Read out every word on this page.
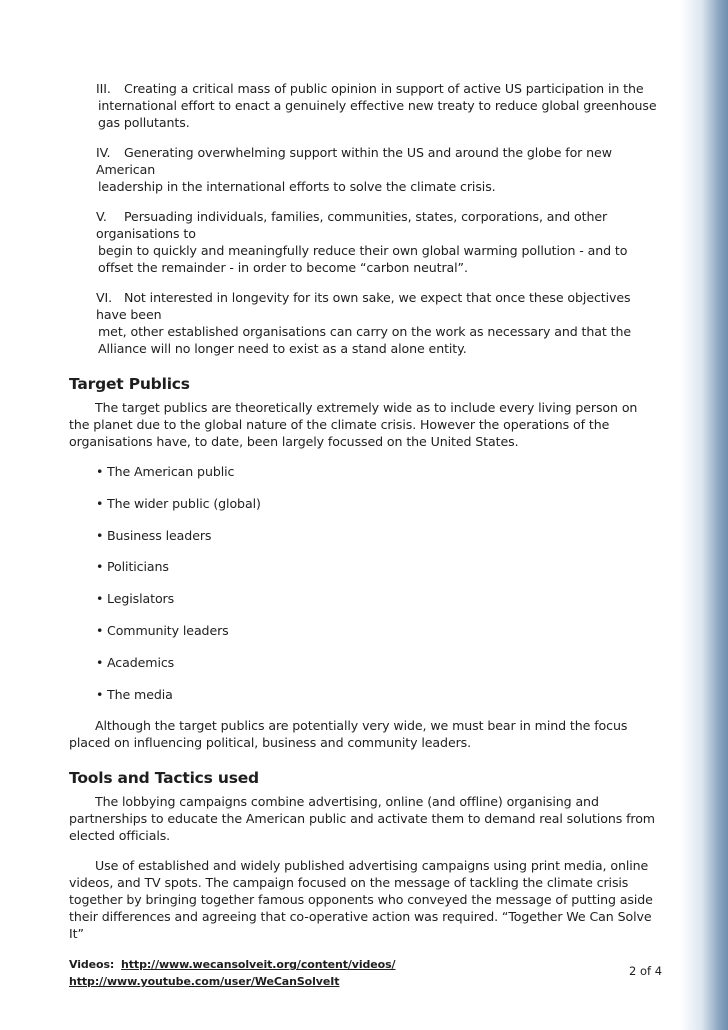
III. Creating a critical mass of public opinion in support of active US participation in the
international effort to enact a genuinely effective new treaty to reduce global greenhouse gas pollutants.
IV. Generating overwhelming support within the US and around the globe for new American
leadership in the international efforts to solve the climate crisis.
V. Persuading individuals, families, communities, states, corporations, and other organisations to
begin to quickly and meaningfully reduce their own global warming pollution - and to offset the remainder - in order to become “carbon neutral”.
VI. Not interested in longevity for its own sake, we expect that once these objectives have been
met, other established organisations can carry on the work as necessary and that the Alliance will no longer need to exist as a stand alone entity.
Target Publics

The target publics are theoretically extremely wide as to include every living person on the planet due to the global nature of the climate crisis. However the operations of the organisations have, to date, been largely focussed on the United States.

• The American public
• The wider public (global)
• Business leaders
• Politicians
• Legislators
• Community leaders
• Academics
• The media

Although the target publics are potentially very wide, we must bear in mind the focus placed on influencing political, business and community leaders.

Tools and Tactics used

The lobbying campaigns combine advertising, online (and offline) organising and partnerships to educate the American public and activate them to demand real solutions from elected officials.

Use of established and widely published advertising campaigns using print media, online videos, and TV spots. The campaign focused on the message of tackling the climate crisis together by bringing together famous opponents who conveyed the message of putting aside their differences and agreeing that co-operative action was required. “Together We Can Solve It”

Videos: http://www.wecansolveit.org/content/videos/ http://www.youtube.com/user/WeCanSolveIt
2 of 4
